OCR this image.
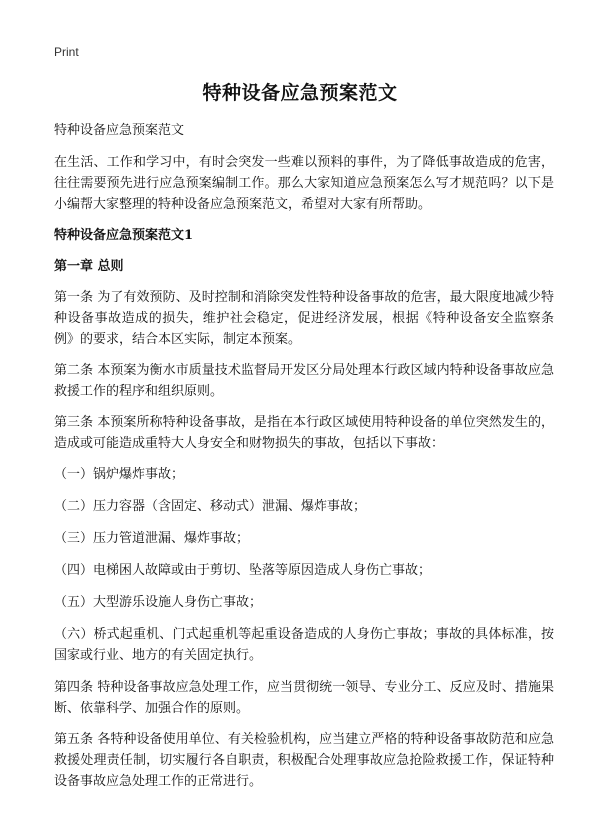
Print
特种设备应急预案范文

特种设备应急预案范文

在生活、工作和学习中，有时会突发一些难以预料的事件，为了降低事故造成的危害，往往需要预先进行应急预案编制工作。那么大家知道应急预案怎么写才规范吗？以下是小编帮大家整理的特种设备应急预案范文，希望对大家有所帮助。

特种设备应急预案范文1

第一章 总则

第一条 为了有效预防、及时控制和消除突发性特种设备事故的危害，最大限度地减少特种设备事故造成的损失，维护社会稳定，促进经济发展，根据《特种设备安全监察条例》的要求，结合本区实际，制定本预案。

第二条 本预案为衡水市质量技术监督局开发区分局处理本行政区域内特种设备事故应急救援工作的程序和组织原则。

第三条 本预案所称特种设备事故，是指在本行政区域使用特种设备的单位突然发生的，造成或可能造成重特大人身安全和财物损失的事故，包括以下事故：

（一）锅炉爆炸事故；

（二）压力容器（含固定、移动式）泄漏、爆炸事故；

（三）压力管道泄漏、爆炸事故；

（四）电梯困人故障或由于剪切、坠落等原因造成人身伤亡事故；

（五）大型游乐设施人身伤亡事故；

（六）桥式起重机、门式起重机等起重设备造成的人身伤亡事故；事故的具体标准，按国家或行业、地方的有关固定执行。

第四条 特种设备事故应急处理工作，应当贯彻统一领导、专业分工、反应及时、措施果断、依靠科学、加强合作的原则。

第五条 各特种设备使用单位、有关检验机构，应当建立严格的特种设备事故防范和应急救援处理责任制，切实履行各自职责，积极配合处理事故应急抢险救援工作，保证特种设备事故应急处理工作的正常进行。
